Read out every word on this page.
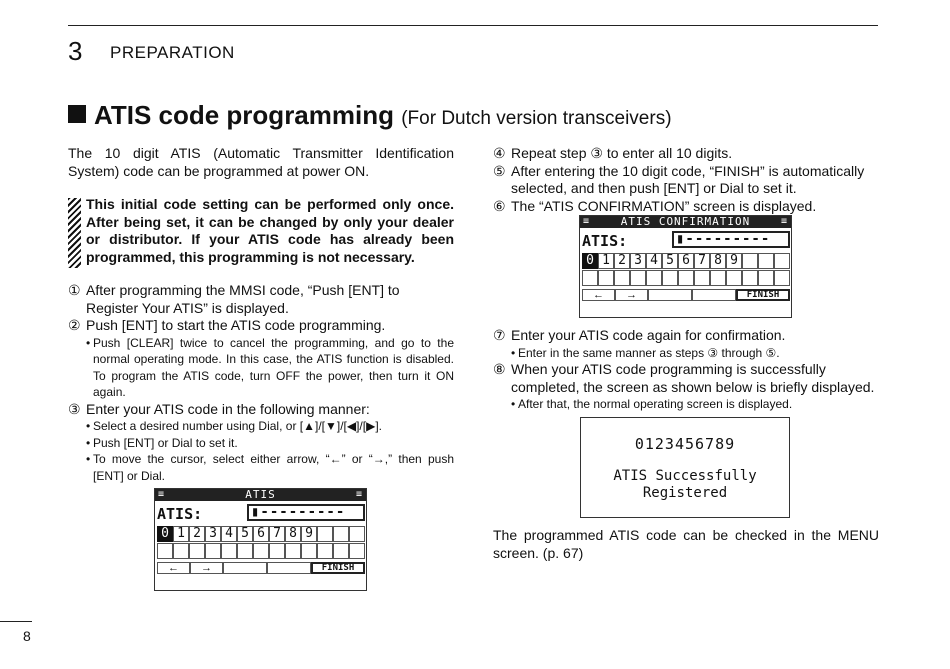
3 PREPARATION
ATIS code programming (For Dutch version transceivers)

The 10 digit ATIS (Automatic Transmitter Identification System) code can be programmed at power ON.

This initial code setting can be performed only once. After being set, it can be changed by only your dealer or distributor. If your ATIS code has already been programmed, this programming is not necessary.
① After programming the MMSI code, “Push [ENT] to Register Your ATIS” is displayed.
② Push [ENT] to start the ATIS code programming.
• Push [CLEAR] twice to cancel the programming, and go to the normal operating mode. In this case, the ATIS function is disabled. To program the ATIS code, turn OFF the power, then turn it ON again.
③ Enter your ATIS code in the following manner:
• Select a desired number using Dial, or [▲]/[▼]/[◀]/[▶].
• Push [ENT] or Dial to set it.
• To move the cursor, select either arrow, “←” or “→,” then push [ENT] or Dial.
≡	ATIS	≡
ATIS:	▮---------
0 1 2 3 4 5 6 7 8 9
←	→	FINISH
④ Repeat step ③ to enter all 10 digits.
⑤ After entering the 10 digit code, “FINISH” is automatically selected, and then push [ENT] or Dial to set it.
⑥ The “ATIS CONFIRMATION” screen is displayed.
⑦ Enter your ATIS code again for confirmation.
• Enter in the same manner as steps ③ through ⑤.
⑧ When your ATIS code programming is successfully completed, the screen as shown below is briefly displayed.
• After that, the normal operating screen is displayed.
≡	ATIS CONFIRMATION	≡
ATIS:	▮---------
0 1 2 3 4 5 6 7 8 9
←	→	FINISH
0123456789
ATIS Successfully
Registered
The programmed ATIS code can be checked in the MENU screen. (p. 67)
8
